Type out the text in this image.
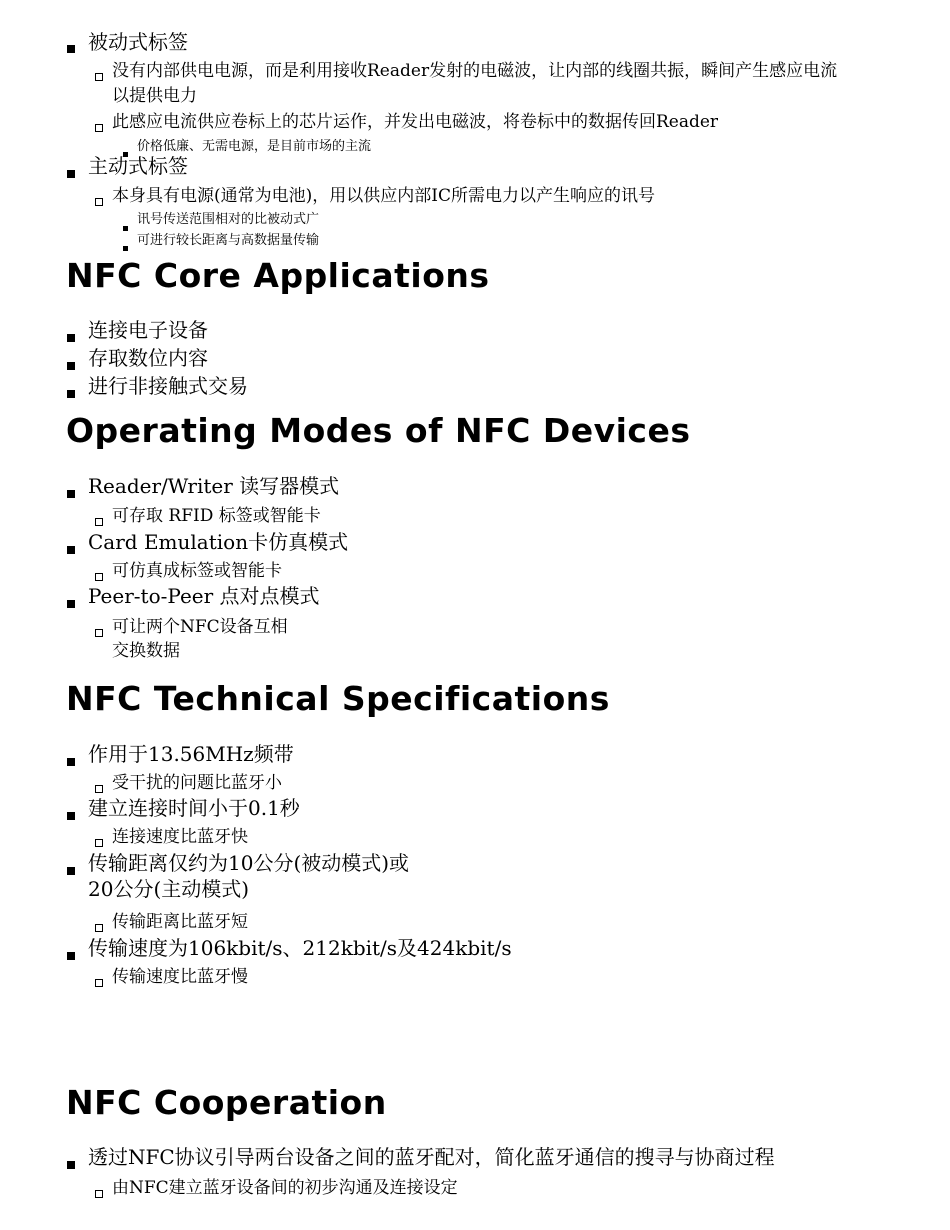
被动式标签
没有内部供电电源，而是利用接收Reader发射的电磁波，让内部的线圈共振，瞬间产生感应电流
以提供电力
此感应电流供应卷标上的芯片运作，并发出电磁波，将卷标中的数据传回Reader
价格低廉、无需电源，是目前市场的主流
主动式标签
本身具有电源(通常为电池)，用以供应内部IC所需电力以产生响应的讯号
讯号传送范围相对的比被动式广
可进行较长距离与高数据量传输
NFC Core Applications
连接电子设备
存取数位内容
进行非接触式交易
Operating Modes of NFC Devices
Reader/Writer 读写器模式
可存取 RFID 标签或智能卡
Card Emulation卡仿真模式
可仿真成标签或智能卡
Peer-to-Peer 点对点模式
可让两个NFC设备互相
交换数据
NFC Technical Specifications
作用于13.56MHz频带
受干扰的问题比蓝牙小
建立连接时间小于0.1秒
连接速度比蓝牙快
传输距离仅约为10公分(被动模式)或
20公分(主动模式)
传输距离比蓝牙短
传输速度为106kbit/s、212kbit/s及424kbit/s
传输速度比蓝牙慢
NFC Cooperation
透过NFC协议引导两台设备之间的蓝牙配对，简化蓝牙通信的搜寻与协商过程
由NFC建立蓝牙设备间的初步沟通及连接设定
